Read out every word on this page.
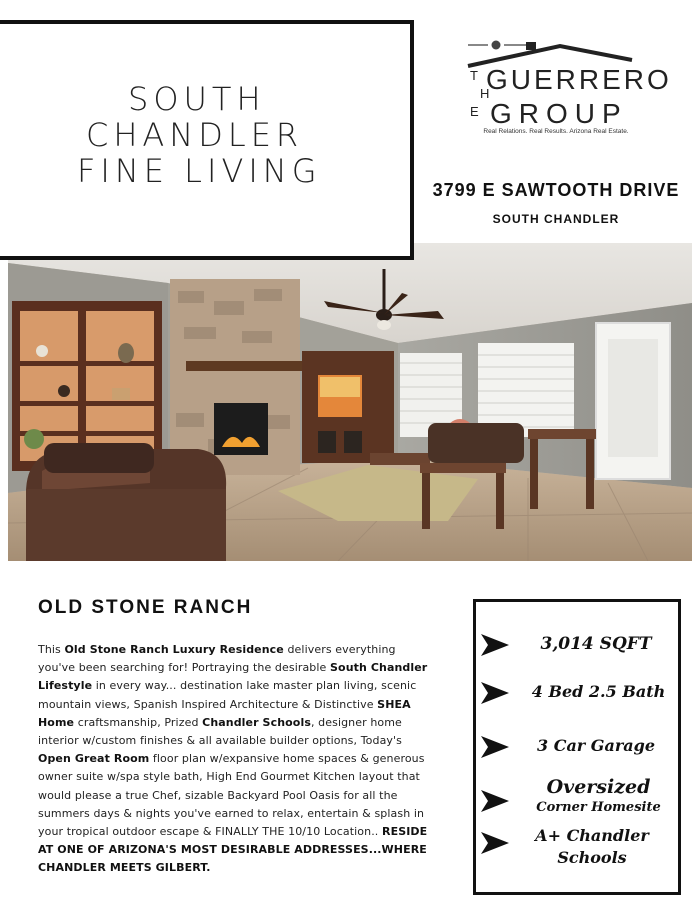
SOUTH
CHANDLER
FINE LIVING
T
H
E
GUERRERO
GROUP
Real Relations. Real Results. Arizona Real Estate.
3799 E SAWTOOTH DRIVE
SOUTH CHANDLER
OLD STONE RANCH
This Old Stone Ranch Luxury Residence delivers everything you've been searching for! Portraying the desirable South Chandler Lifestyle in every way... destination lake master plan living, scenic mountain views, Spanish Inspired Architecture & Distinctive SHEA Home craftsmanship, Prized Chandler Schools, designer home interior w/custom finishes & all available builder options, Today's Open Great Room floor plan w/expansive home spaces & generous owner suite w/spa style bath, High End Gourmet Kitchen layout that would please a true Chef, sizable Backyard Pool Oasis for all the summers days & nights you've earned to relax, entertain & splash in your tropical outdoor escape & FINALLY THE 10/10 Location.. RESIDE AT ONE OF ARIZONA'S MOST DESIRABLE ADDRESSES...WHERE CHANDLER MEETS GILBERT.
3,014 SQFT
4 Bed 2.5 Bath
3 Car Garage
Oversized
Corner Homesite
A+ Chandler
Schools
